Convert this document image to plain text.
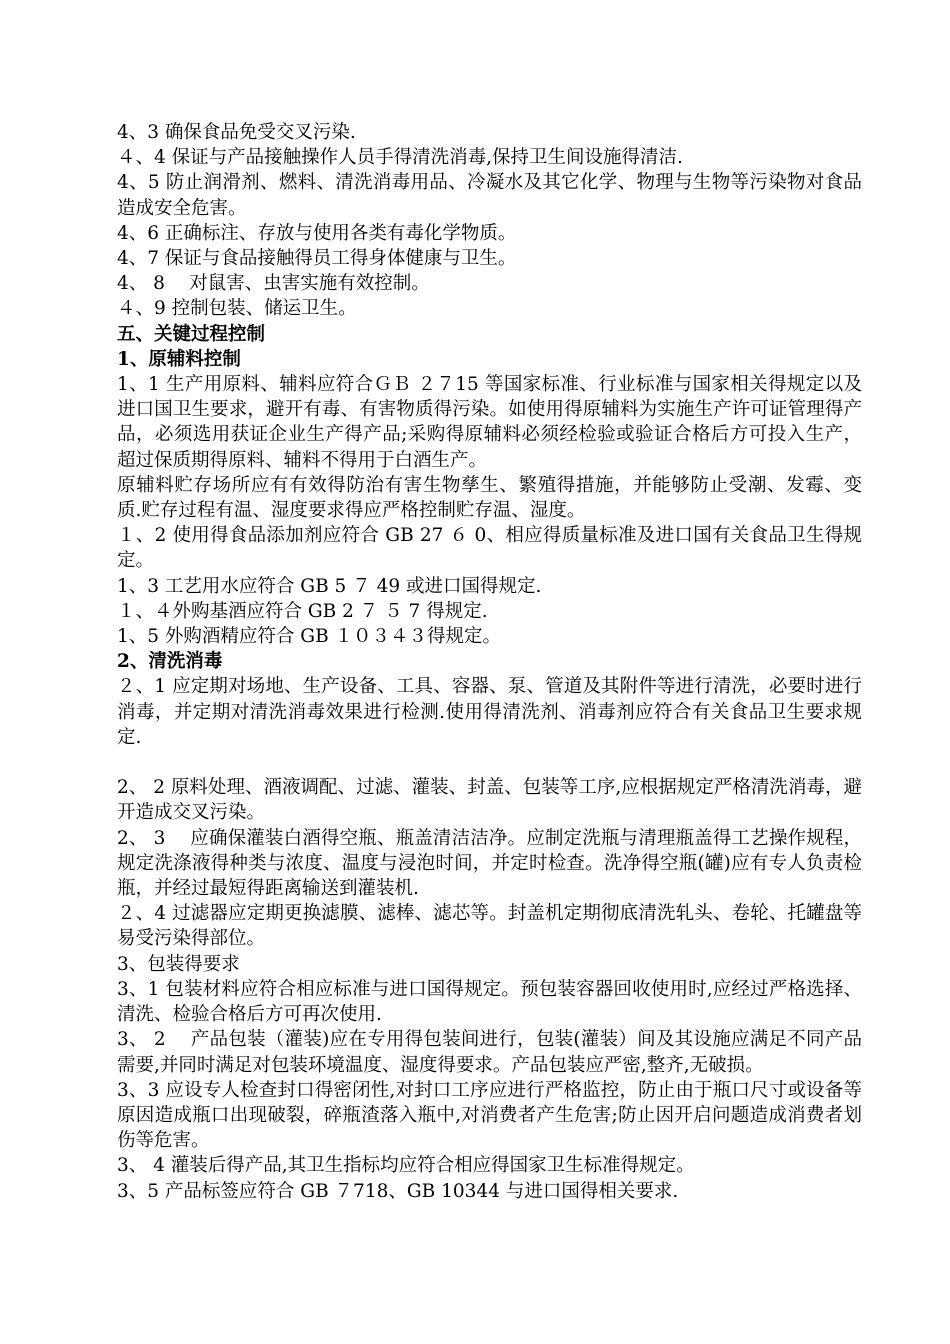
4、3 确保食品免受交叉污染.

４、4 保证与产品接触操作人员手得清洗消毒,保持卫生间设施得清洁.

4、5 防止润滑剂、燃料、清洗消毒用品、冷凝水及其它化学、物理与生物等污染物对食品造成安全危害。

4、6 正确标注、存放与使用各类有毒化学物质。

4、7 保证与食品接触得员工得身体健康与卫生。

4、 8　 对鼠害、虫害实施有效控制。

４、9 控制包装、储运卫生。

五、关键过程控制

1、原辅料控制

1、1 生产用原料、辅料应符合ＧＢ ２７15 等国家标准、行业标准与国家相关得规定以及进口国卫生要求，避开有毒、有害物质得污染。如使用得原辅料为实施生产许可证管理得产品，必须选用获证企业生产得产品;采购得原辅料必须经检验或验证合格后方可投入生产，超过保质期得原料、辅料不得用于白酒生产。

原辅料贮存场所应有有效得防治有害生物孳生、繁殖得措施，并能够防止受潮、发霉、变质.贮存过程有温、湿度要求得应严格控制贮存温、湿度。

１、2 使用得食品添加剂应符合 GB 27 ６ 0、相应得质量标准及进口国有关食品卫生得规定。

1、3 工艺用水应符合 GB 5 ７ 49 或进口国得规定.

１、４外购基酒应符合 GB 2 ７ ５ 7 得规定.

1、5 外购酒精应符合 GB １０３４３得规定。

2、清洗消毒

２、1 应定期对场地、生产设备、工具、容器、泵、管道及其附件等进行清洗，必要时进行消毒，并定期对清洗消毒效果进行检测.使用得清洗剂、消毒剂应符合有关食品卫生要求规定.

2、 2 原料处理、酒液调配、过滤、灌装、封盖、包装等工序,应根据规定严格清洗消毒，避开造成交叉污染。

2、 3　 应确保灌装白酒得空瓶、瓶盖清洁洁净。应制定洗瓶与清理瓶盖得工艺操作规程，规定洗涤液得种类与浓度、温度与浸泡时间，并定时检查。洗净得空瓶(罐)应有专人负责检瓶，并经过最短得距离输送到灌装机.

２、4 过滤器应定期更换滤膜、滤棒、滤芯等。封盖机定期彻底清洗轧头、卷轮、托罐盘等易受污染得部位。

3、包装得要求

3、1 包装材料应符合相应标准与进口国得规定。预包装容器回收使用时,应经过严格选择、清洗、检验合格后方可再次使用.

3、 2　 产品包装（灌装)应在专用得包装间进行，包装(灌装）间及其设施应满足不同产品需要,并同时满足对包装环境温度、湿度得要求。产品包装应严密,整齐,无破损。

3、3 应设专人检查封口得密闭性,对封口工序应进行严格监控，防止由于瓶口尺寸或设备等原因造成瓶口出现破裂，碎瓶渣落入瓶中,对消费者产生危害;防止因开启问题造成消费者划伤等危害。

3、 4 灌装后得产品,其卫生指标均应符合相应得国家卫生标准得规定。

3、5 产品标签应符合 GB ７718、GB 10344 与进口国得相关要求.
